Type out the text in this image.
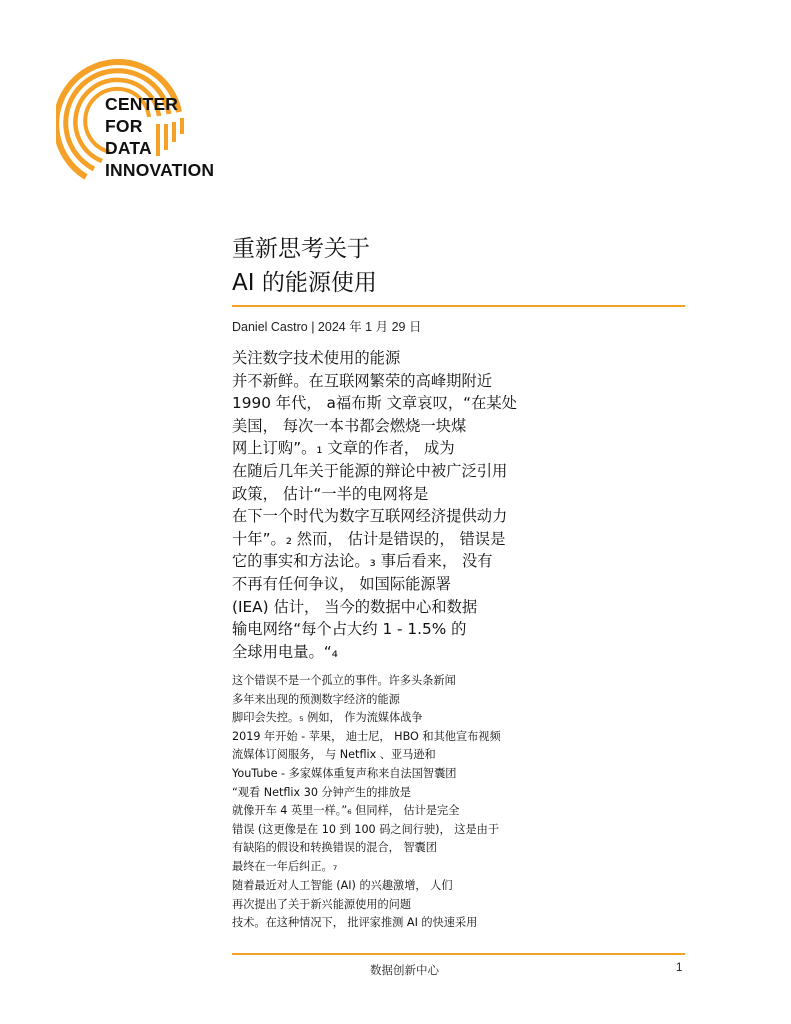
CENTER
FOR
DATA
INNOVATION
重新思考关于
AI 的能源使用
Daniel Castro | 2024 年 1 月 29 日
关注数字技术使用的能源
并不新鲜。在互联网繁荣的高峰期附近
1990 年代， a福布斯 文章哀叹，“在某处
美国， 每次一本书都会燃烧一块煤
网上订购”。₁ 文章的作者， 成为
在随后几年关于能源的辩论中被广泛引用
政策， 估计“一半的电网将是
在下一个时代为数字互联网经济提供动力
十年”。₂ 然而， 估计是错误的， 错误是
它的事实和方法论。₃ 事后看来， 没有
不再有任何争议， 如国际能源署
(IEA) 估计， 当今的数据中心和数据
输电网络“每个占大约 1 - 1.5% 的
全球用电量。“₄
这个错误不是一个孤立的事件。许多头条新闻
多年来出现的预测数字经济的能源
脚印会失控。₅ 例如， 作为流媒体战争
2019 年开始 - 苹果， 迪士尼， HBO 和其他宣布视频
流媒体订阅服务， 与 Netflix 、亚马逊和
YouTube - 多家媒体重复声称来自法国智囊团
“观看 Netflix 30 分钟产生的排放是
就像开车 4 英里一样。”₆ 但同样， 估计是完全
错误 (这更像是在 10 到 100 码之间行驶)， 这是由于
有缺陷的假设和转换错误的混合， 智囊团
最终在一年后纠正。₇
随着最近对人工智能 (AI) 的兴趣激增， 人们
再次提出了关于新兴能源使用的问题
技术。在这种情况下， 批评家推测 AI 的快速采用
数据创新中心	1
